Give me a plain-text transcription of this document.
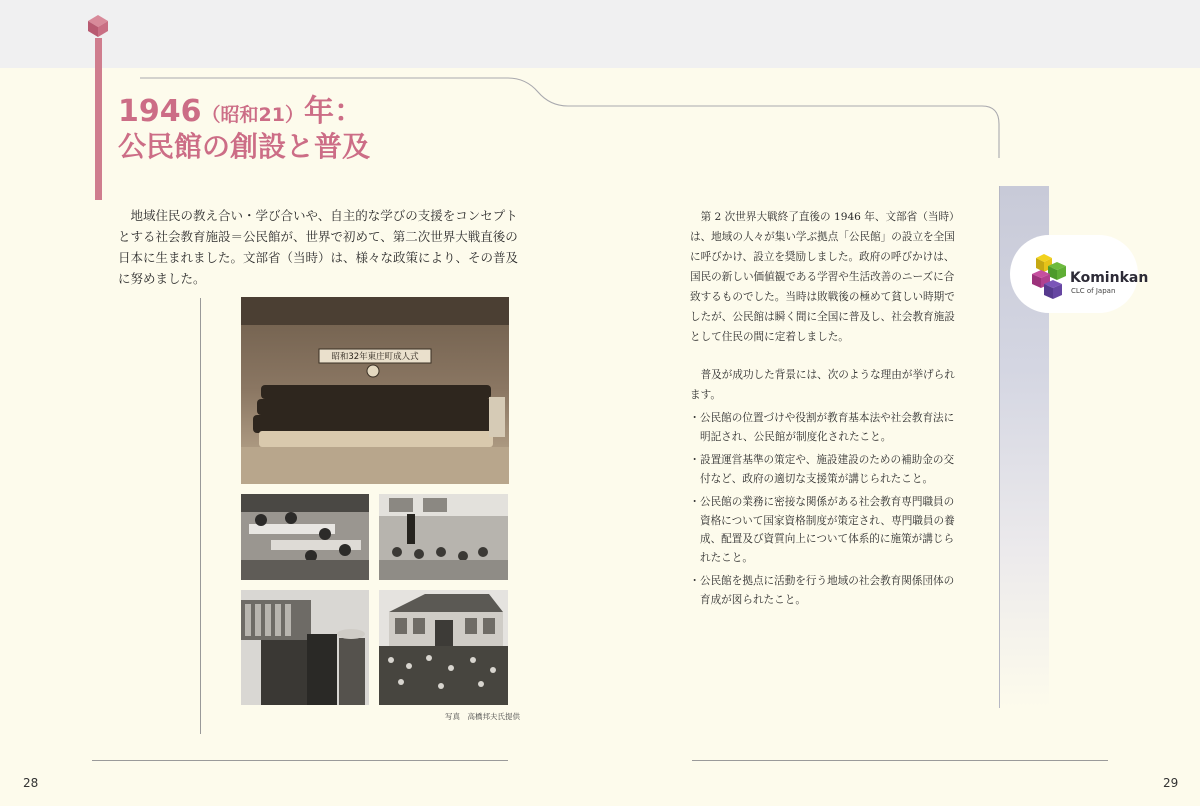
1946（昭和21）年：
公民館の創設と普及

地域住民の教え合い・学び合いや、自主的な学びの支援をコンセプトとする社会教育施設＝公民館が、世界で初めて、第二次世界大戦直後の日本に生まれました。文部省（当時）は、様々な政策により、その普及に努めました。

昭和32年東庄町成人式
写真　高橋邦夫氏提供

第 2 次世界大戦終了直後の 1946 年、文部省（当時）は、地域の人々が集い学ぶ拠点「公民館」の設立を全国に呼びかけ、設立を奨励しました。政府の呼びかけは、国民の新しい価値観である学習や生活改善のニーズに合致するものでした。当時は敗戦後の極めて貧しい時期でしたが、公民館は瞬く間に全国に普及し、社会教育施設として住民の間に定着しました。

普及が成功した背景には、次のような理由が挙げられます。

･ 公民館の位置づけや役割が教育基本法や社会教育法に明記され、公民館が制度化されたこと。
･ 設置運営基準の策定や、施設建設のための補助金の交付など、政府の適切な支援策が講じられたこと。
･ 公民館の業務に密接な関係がある社会教育専門職員の資格について国家資格制度が策定され、専門職員の養成、配置及び資質向上について体系的に施策が講じられたこと。
･ 公民館を拠点に活動を行う地域の社会教育関係団体の育成が図られたこと。
Kominkan
CLC of Japan
28	29
